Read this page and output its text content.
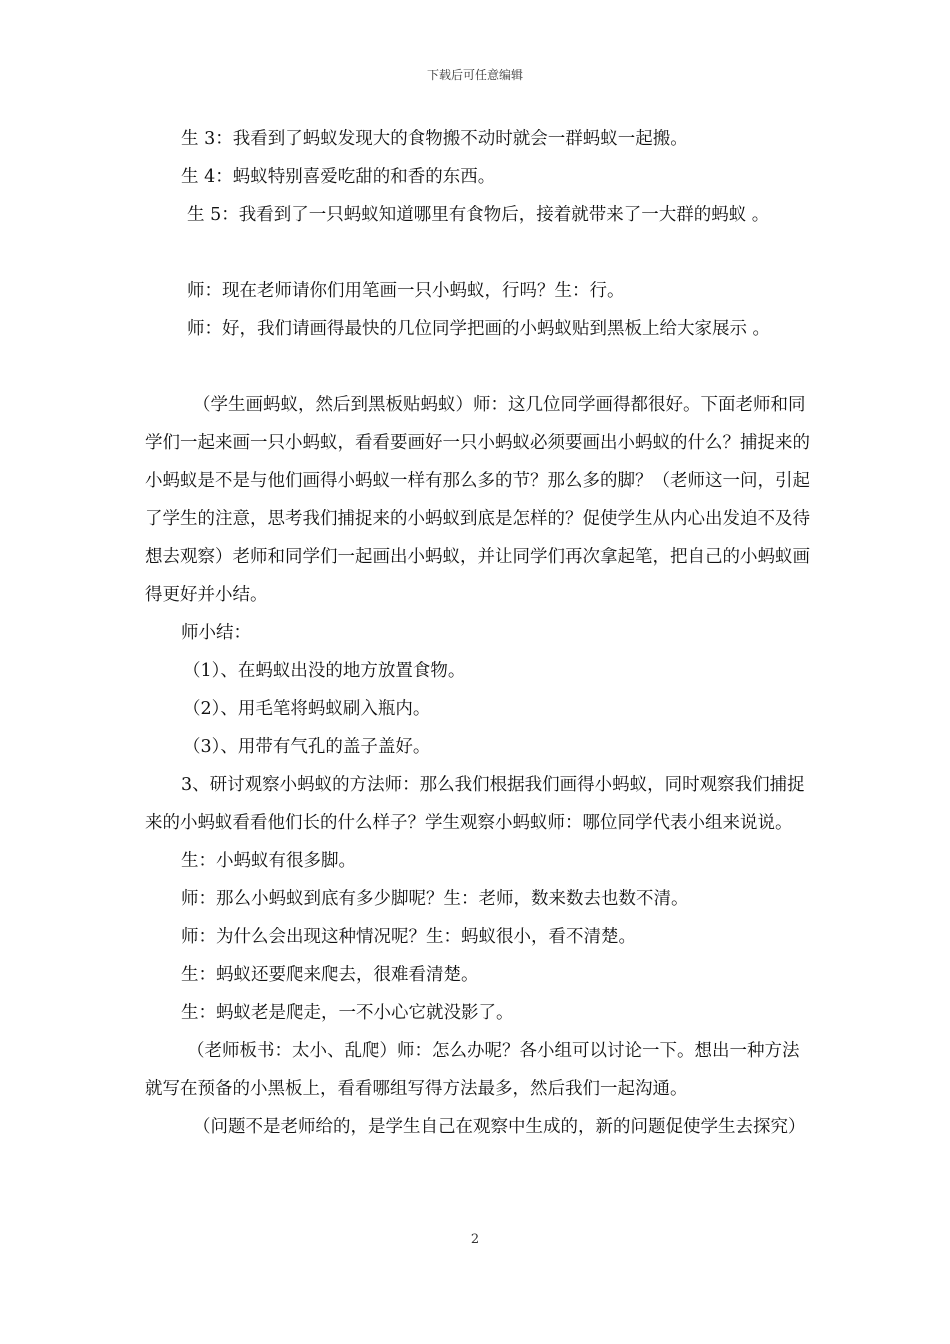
下载后可任意编辑

生 3：我看到了蚂蚁发现大的食物搬不动时就会一群蚂蚁一起搬。

生 4：蚂蚁特别喜爱吃甜的和香的东西。

生 5：我看到了一只蚂蚁知道哪里有食物后，接着就带来了一大群的蚂蚁 。

师：现在老师请你们用笔画一只小蚂蚁，行吗？生：行。

师：好，我们请画得最快的几位同学把画的小蚂蚁贴到黑板上给大家展示 。

（学生画蚂蚁，然后到黑板贴蚂蚁）师：这几位同学画得都很好。下面老师和同学们一起来画一只小蚂蚁，看看要画好一只小蚂蚁必须要画出小蚂蚁的什么？捕捉来的小蚂蚁是不是与他们画得小蚂蚁一样有那么多的节？那么多的脚？（老师这一问，引起了学生的注意，思考我们捕捉来的小蚂蚁到底是怎样的？促使学生从内心出发迫不及待想去观察）老师和同学们一起画出小蚂蚁，并让同学们再次拿起笔，把自己的小蚂蚁画得更好并小结。

师小结：

（1）、在蚂蚁出没的地方放置食物。

（2）、用毛笔将蚂蚁刷入瓶内。

（3）、用带有气孔的盖子盖好。

3、研讨观察小蚂蚁的方法师：那么我们根据我们画得小蚂蚁，同时观察我们捕捉来的小蚂蚁看看他们长的什么样子？学生观察小蚂蚁师：哪位同学代表小组来说说。

生：小蚂蚁有很多脚。

师：那么小蚂蚁到底有多少脚呢？生：老师，数来数去也数不清。

师：为什么会出现这种情况呢？生：蚂蚁很小，看不清楚。

生：蚂蚁还要爬来爬去，很难看清楚。

生：蚂蚁老是爬走，一不小心它就没影了。

（老师板书：太小、乱爬）师：怎么办呢？各小组可以讨论一下。想出一种方法就写在预备的小黑板上，看看哪组写得方法最多，然后我们一起沟通。

（问题不是老师给的，是学生自己在观察中生成的，新的问题促使学生去探究）

2
